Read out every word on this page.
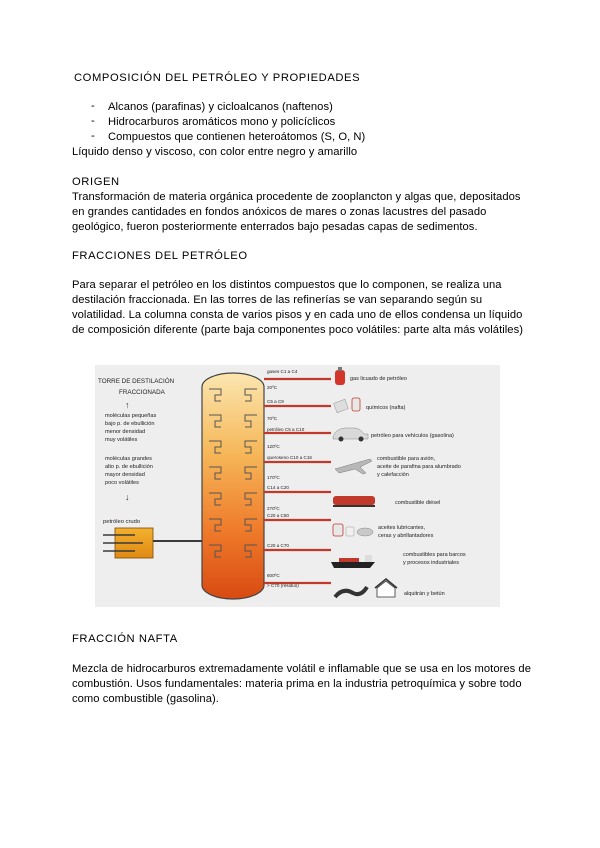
COMPOSICIÓN DEL PETRÓLEO Y PROPIEDADES
- Alcanos (parafinas) y cicloalcanos (naftenos)
- Hidrocarburos aromáticos mono y policíclicos
- Compuestos que contienen heteroátomos (S, O, N)
Líquido denso y viscoso, con color entre negro y amarillo
ORIGEN
Transformación de materia orgánica procedente de zooplancton y algas que, depositados
en grandes cantidades en fondos anóxicos de mares o zonas lacustres del pasado
geológico, fueron posteriormente enterrados bajo pesadas capas de sedimentos.
FRACCIONES DEL PETRÓLEO
Para separar el petróleo en los distintos compuestos que lo componen, se realiza una
destilación fraccionada. En las torres de las refinerías se van separando según su
volatilidad. La columna consta de varios pisos y en cada uno de ellos condensa un líquido
de composición diferente (parte baja componentes poco volátiles: parte alta más volátiles)
TORRE DE DESTILACIÓN
FRACCIONADA
↑
moléculas pequeñas
bajo p. de ebullición
menor densidad
muy volátiles
moléculas grandes
alto p. de ebullición
mayor densidad
poco volátiles
↓
petróleo crudo
gases C1 a C4
20ºC
C5 a C9
70ºC
petróleo C5 a C10
120ºC
queroseno C10 a C16
170ºC
C14 a C20
270ºC
C20 a C50
C20 a C70
600ºC
> C70 (residuo)
gas licuado de petróleo
químicos (nafta)
petróleo para vehículos (gasolina)
combustible para avión,
aceite de parafina para alumbrado
y calefacción
combustible diésel
aceites lubricantes,
ceras y abrillantadores
combustibles para barcos
y procesos industriales
alquitrán y betún
FRACCIÓN NAFTA
Mezcla de hidrocarburos extremadamente volátil e inflamable que se usa en los motores de
combustión. Usos fundamentales: materia prima en la industria petroquímica y sobre todo
como combustible (gasolina).
